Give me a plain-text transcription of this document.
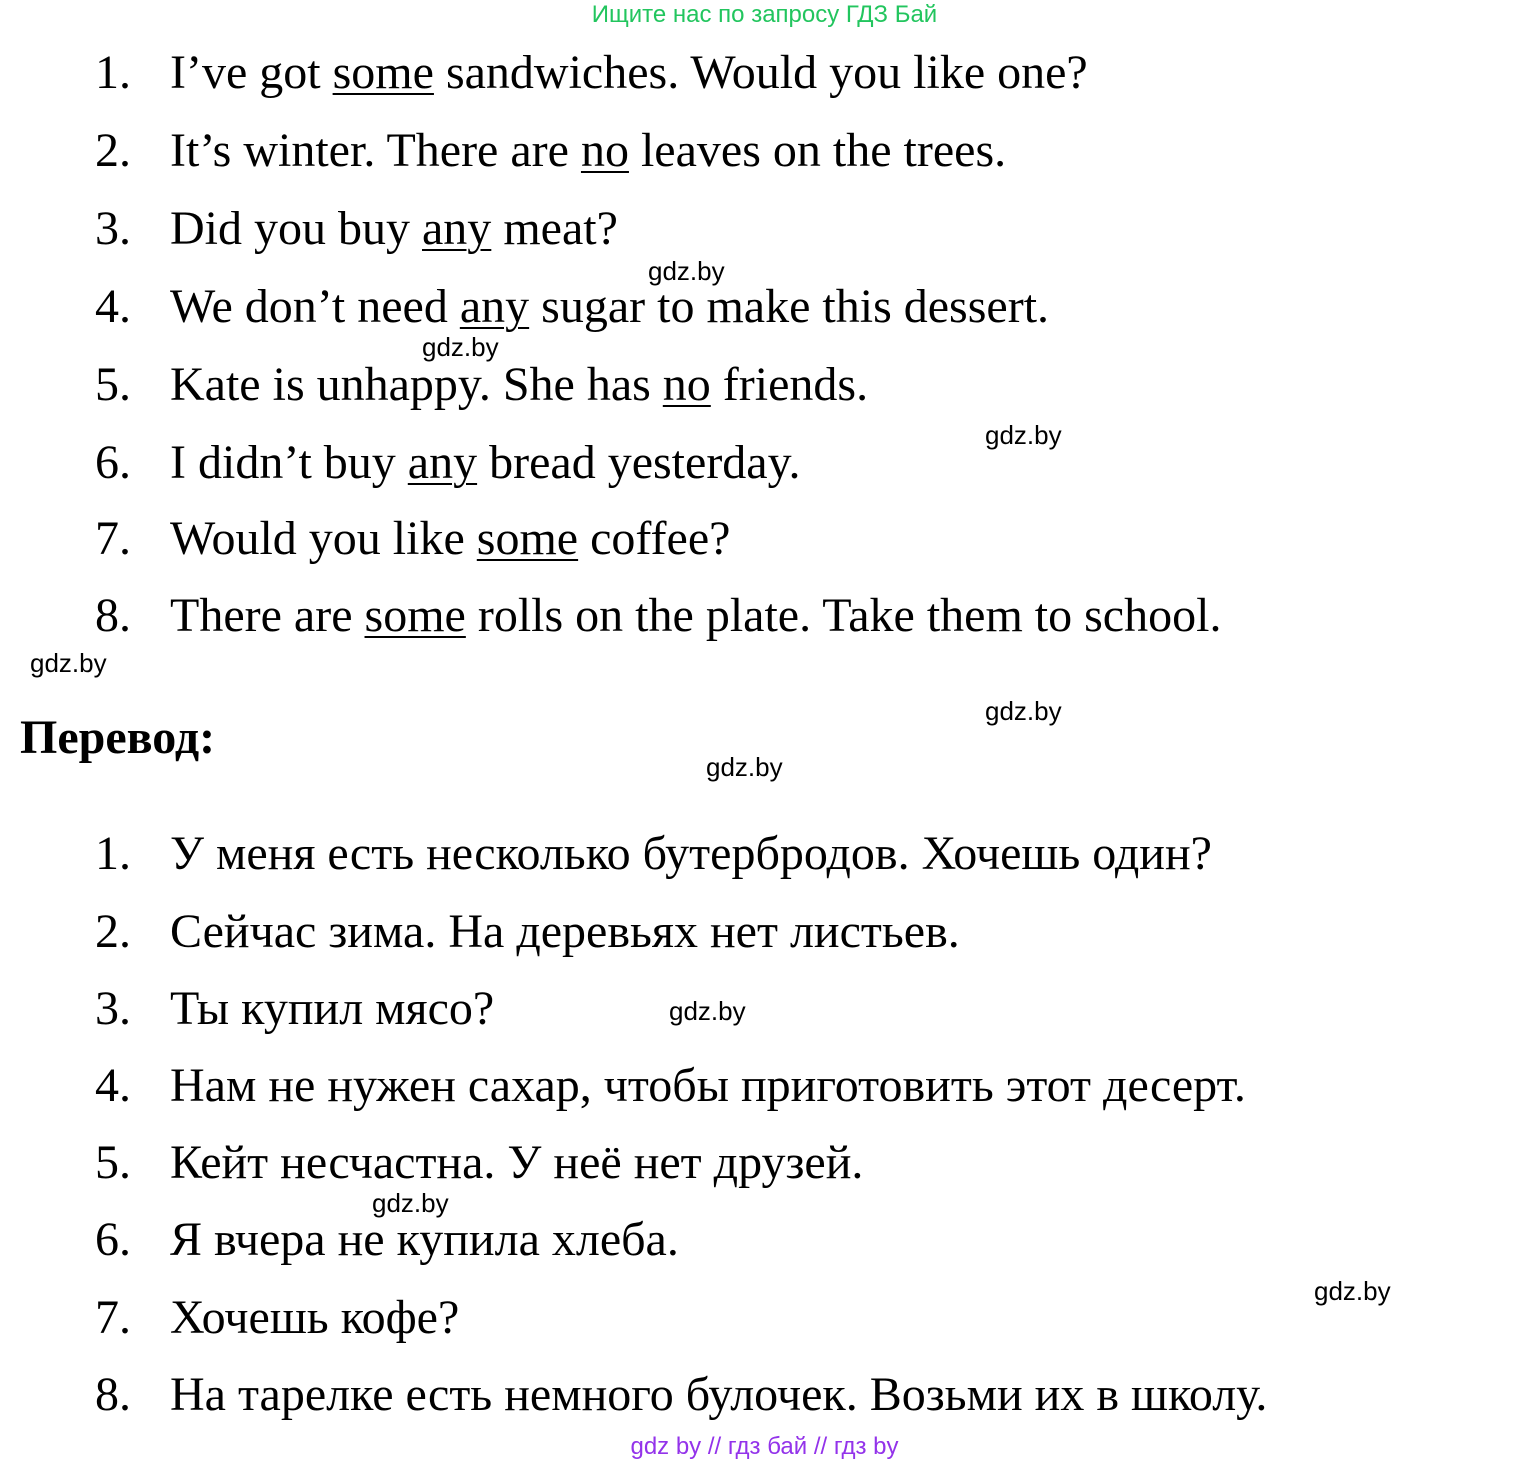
Ищите нас по запросу ГДЗ Бай
1. I’ve got some sandwiches. Would you like one?
2. It’s winter. There are no leaves on the trees.
3. Did you buy any meat?
4. We don’t need any sugar to make this dessert.
5. Kate is unhappy. She has no friends.
6. I didn’t buy any bread yesterday.
7. Would you like some coffee?
8. There are some rolls on the plate. Take them to school.
Перевод:
1. У меня есть несколько бутербродов. Хочешь один?
2. Сейчас зима. На деревьях нет листьев.
3. Ты купил мясо?
4. Нам не нужен сахар, чтобы приготовить этот десерт.
5. Кейт несчастна. У неё нет друзей.
6. Я вчера не купила хлеба.
7. Хочешь кофе?
8. На тарелке есть немного булочек. Возьми их в школу.
gdz.by
gdz.by
gdz.by
gdz.by
gdz.by
gdz.by
gdz.by
gdz.by
gdz.by
gdz by // гдз бай // гдз by
